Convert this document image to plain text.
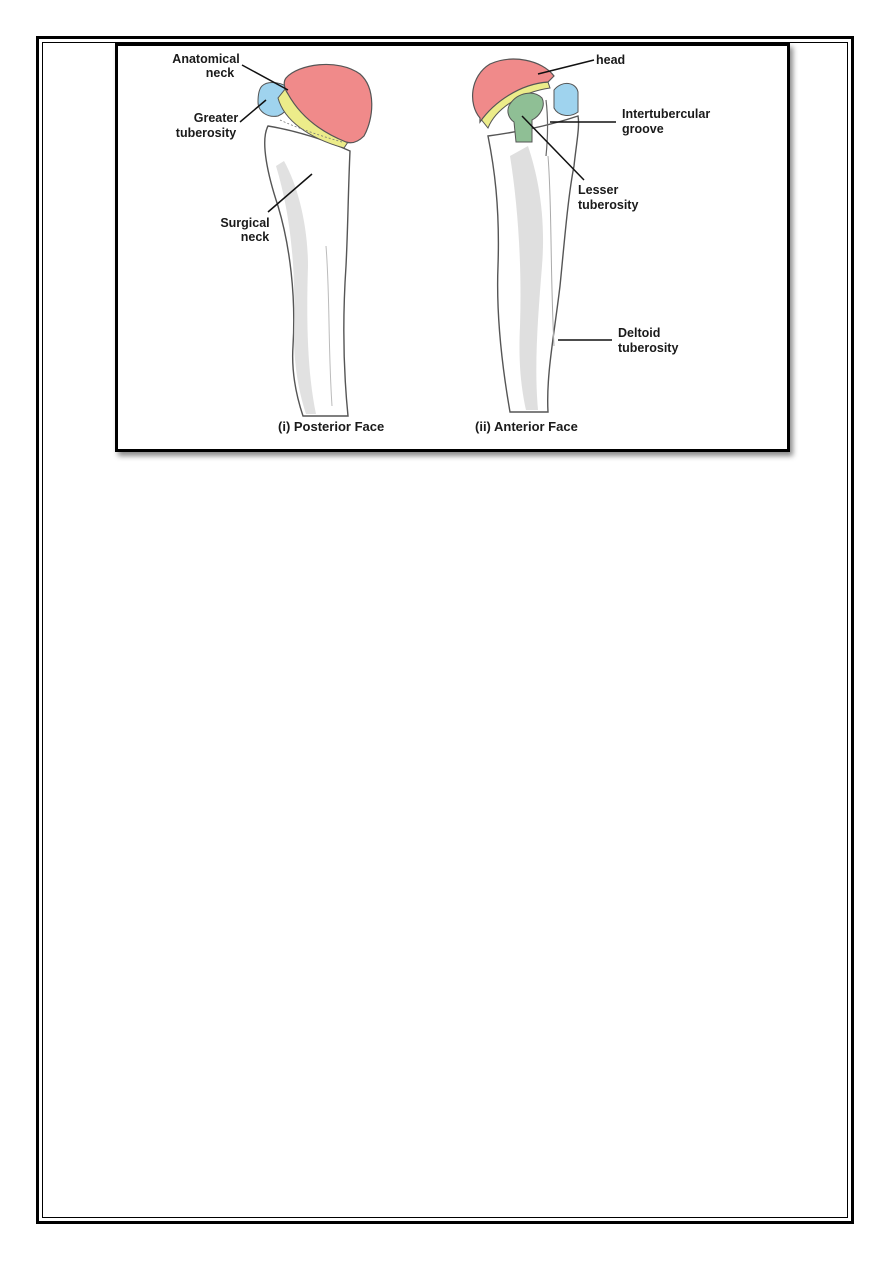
Anatomical
neck
Greater
tuberosity
Surgical
neck
head
Intertubercular
groove
Lesser
tuberosity
Deltoid
tuberosity
(i) Posterior Face	(ii) Anterior Face
